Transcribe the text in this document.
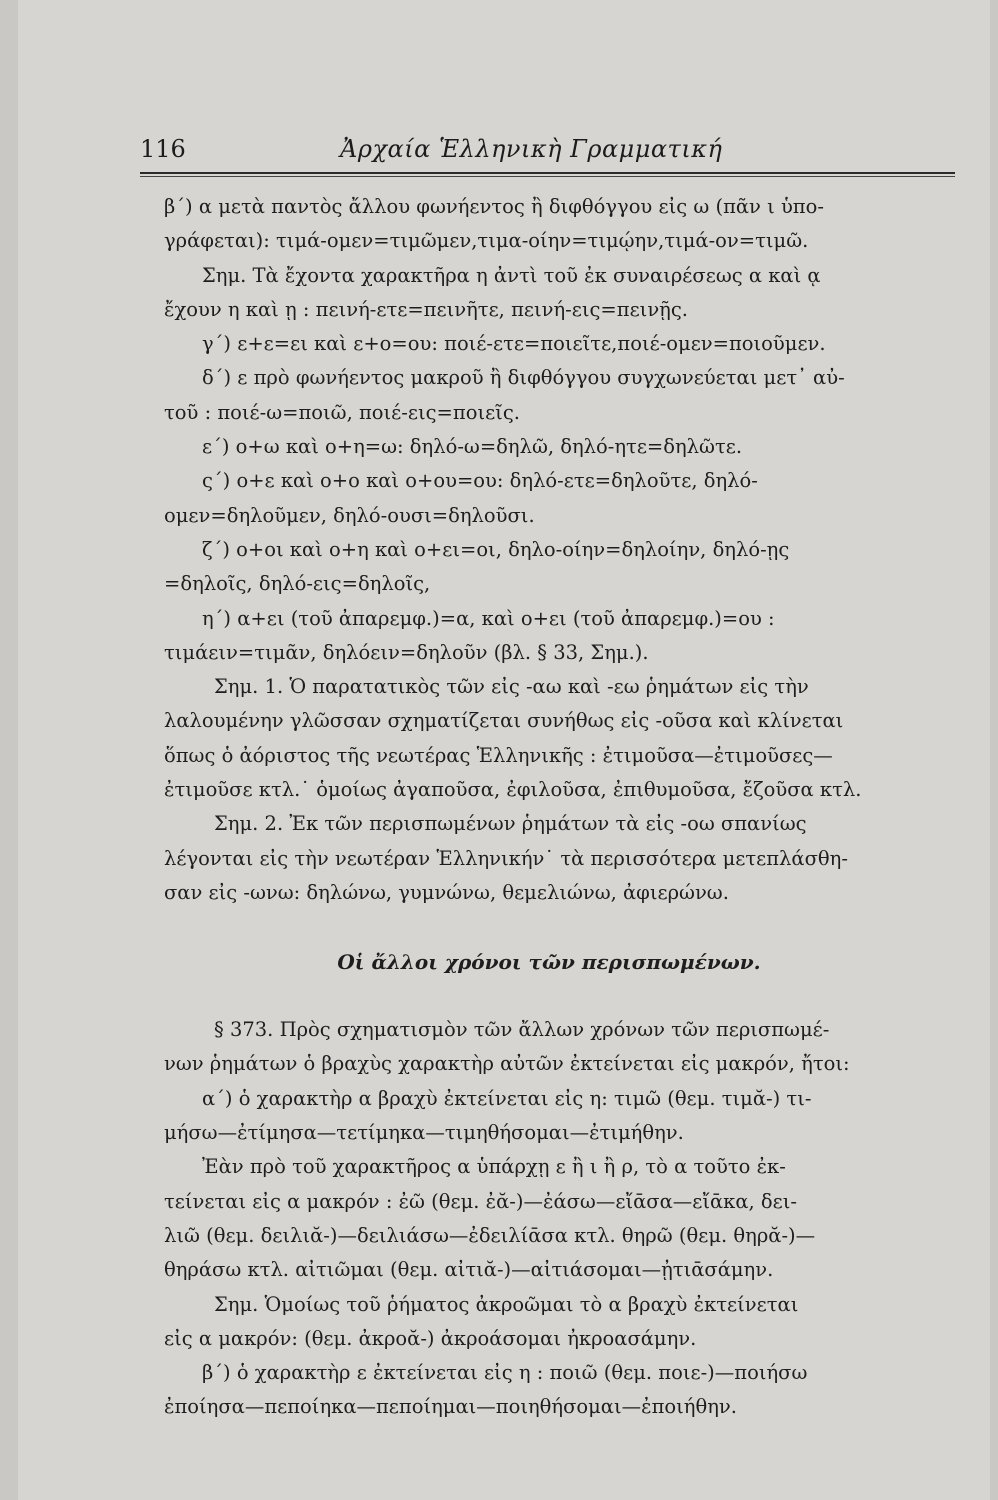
116	Ἀρχαία Ἑλληνικὴ Γραμματική
β΄) α μετὰ παντὸς ἄλλου φωνήεντος ἢ διφθόγγου εἰς ω (πᾶν ι ὑπο-
γράφεται): τιμά-ομεν=τιμῶμεν,τιμα-οίην=τιμῴην,τιμά-ον=τιμῶ.
Σημ. Τὰ ἔχοντα χαρακτῆρα η ἀντὶ τοῦ ἐκ συναιρέσεως α καὶ ᾳ
ἔχουν η καὶ ῃ : πεινή-ετε=πεινῆτε, πεινή-εις=πεινῇς.
γ΄) ε+ε=ει καὶ ε+ο=ου: ποιέ-ετε=ποιεῖτε,ποιέ-ομεν=ποιοῦμεν.
δ΄) ε πρὸ φωνήεντος μακροῦ ἢ διφθόγγου συγχωνεύεται μετ᾽ αὐ-
τοῦ : ποιέ-ω=ποιῶ, ποιέ-εις=ποιεῖς.
ε΄) ο+ω καὶ ο+η=ω: δηλό-ω=δηλῶ, δηλό-ητε=δηλῶτε.
ς΄) ο+ε καὶ ο+ο καὶ ο+ου=ου: δηλό-ετε=δηλοῦτε, δηλό-
ομεν=δηλοῦμεν, δηλό-ουσι=δηλοῦσι.
ζ΄) ο+οι καὶ ο+η καὶ ο+ει=οι, δηλο-οίην=δηλοίην, δηλό-ῃς
=δηλοῖς, δηλό-εις=δηλοῖς,
η΄) α+ει (τοῦ ἀπαρεμφ.)=α, καὶ ο+ει (τοῦ ἀπαρεμφ.)=ου :
τιμάειν=τιμᾶν, δηλόειν=δηλοῦν (βλ. § 33, Σημ.).
Σημ. 1. Ὁ παρατατικὸς τῶν εἰς -αω καὶ -εω ῥημάτων εἰς τὴν
λαλουμένην γλῶσσαν σχηματίζεται συνήθως εἰς -οῦσα καὶ κλίνεται
ὅπως ὁ ἀόριστος τῆς νεωτέρας Ἑλληνικῆς : ἐτιμοῦσα—ἐτιμοῦσες—
ἐτιμοῦσε κτλ.˙ ὁμοίως ἀγαποῦσα, ἐφιλοῦσα, ἐπιθυμοῦσα, ἔζοῦσα κτλ.
Σημ. 2. Ἐκ τῶν περισπωμένων ῥημάτων τὰ εἰς -οω σπανίως
λέγονται εἰς τὴν νεωτέραν Ἑλληνικήν˙ τὰ περισσότερα μετεπλάσθη-
σαν εἰς -ωνω: δηλώνω, γυμνώνω, θεμελιώνω, ἀφιερώνω.
Οἱ ἄλλοι χρόνοι τῶν περισπωμένων.
§ 373. Πρὸς σχηματισμὸν τῶν ἄλλων χρόνων τῶν περισπωμέ-
νων ῥημάτων ὁ βραχὺς χαρακτὴρ αὐτῶν ἐκτείνεται εἰς μακρόν, ἤτοι:
α΄) ὁ χαρακτὴρ α βραχὺ ἐκτείνεται εἰς η: τιμῶ (θεμ. τιμᾰ-) τι-
μήσω—ἐτίμησα—τετίμηκα—τιμηθήσομαι—ἐτιμήθην.
Ἐὰν πρὸ τοῦ χαρακτῆρος α ὑπάρχῃ ε ἢ ι ἢ ρ, τὸ α τοῦτο ἐκ-
τείνεται εἰς α μακρόν : ἐῶ (θεμ. ἐᾰ-)—ἐάσω—εἴᾱσα—εἴᾱκα, δει-
λιῶ (θεμ. δειλιᾰ-)—δειλιάσω—ἐδειλίᾱσα κτλ. θηρῶ (θεμ. θηρᾰ-)—
θηράσω κτλ. αἰτιῶμαι (θεμ. αἰτιᾰ-)—αἰτιάσομαι—ᾐτιᾱσάμην.
Σημ. Ὁμοίως τοῦ ῥήματος ἀκροῶμαι τὸ α βραχὺ ἐκτείνεται
εἰς α μακρόν: (θεμ. ἀκροᾰ-) ἀκροάσομαι ἠκροασάμην.
β΄) ὁ χαρακτὴρ ε ἐκτείνεται εἰς η : ποιῶ (θεμ. ποιε-)—ποιήσω
ἐποίησα—πεποίηκα—πεποίημαι—ποιηθήσομαι—ἐποιήθην.
